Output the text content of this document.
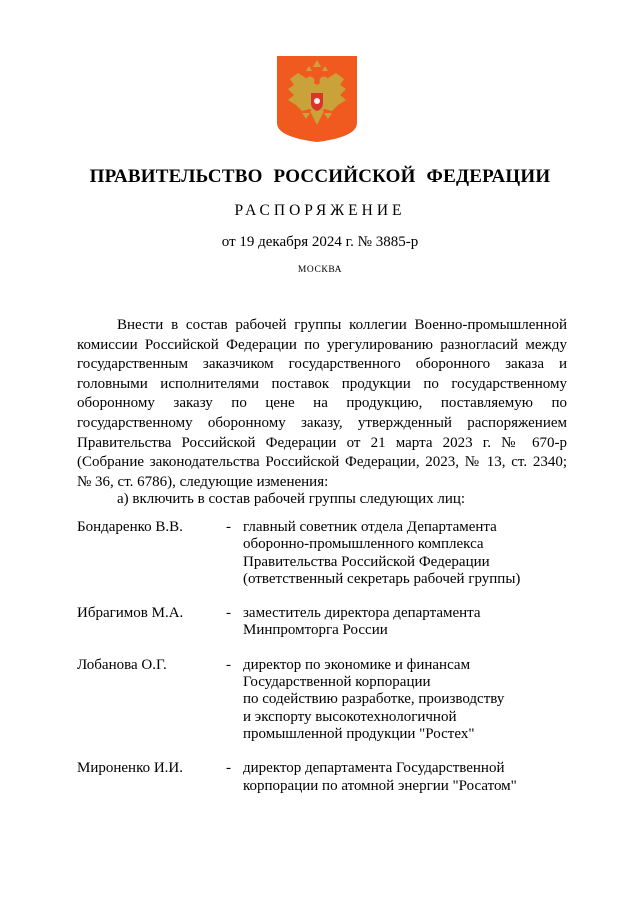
ПРАВИТЕЛЬСТВО РОССИЙСКОЙ ФЕДЕРАЦИИ
РАСПОРЯЖЕНИЕ
от 19 декабря 2024 г. № 3885-р
МОСКВА

Внести в состав рабочей группы коллегии Военно-промышленной комиссии Российской Федерации по урегулированию разногласий между государственным заказчиком государственного оборонного заказа и головными исполнителями поставок продукции по государственному оборонному заказу по цене на продукцию, поставляемую по государственному оборонному заказу, утвержденный распоряжением Правительства Российской Федерации от 21 марта 2023 г. № 670-р (Собрание законодательства Российской Федерации, 2023, № 13, ст. 2340; № 36, ст. 6786), следующие изменения:

а) включить в состав рабочей группы следующих лиц:
Бондаренко В.В.	- главный советник отдела Департамента
оборонно-промышленного комплекса
Правительства Российской Федерации
(ответственный секретарь рабочей группы)
Ибрагимов М.А.	- заместитель директора департамента
Минпромторга России
Лобанова О.Г.	- директор по экономике и финансам
Государственной корпорации
по содействию разработке, производству
и экспорту высокотехнологичной
промышленной продукции "Ростех"
Мироненко И.И.	- директор департамента Государственной
корпорации по атомной энергии "Росатом"
